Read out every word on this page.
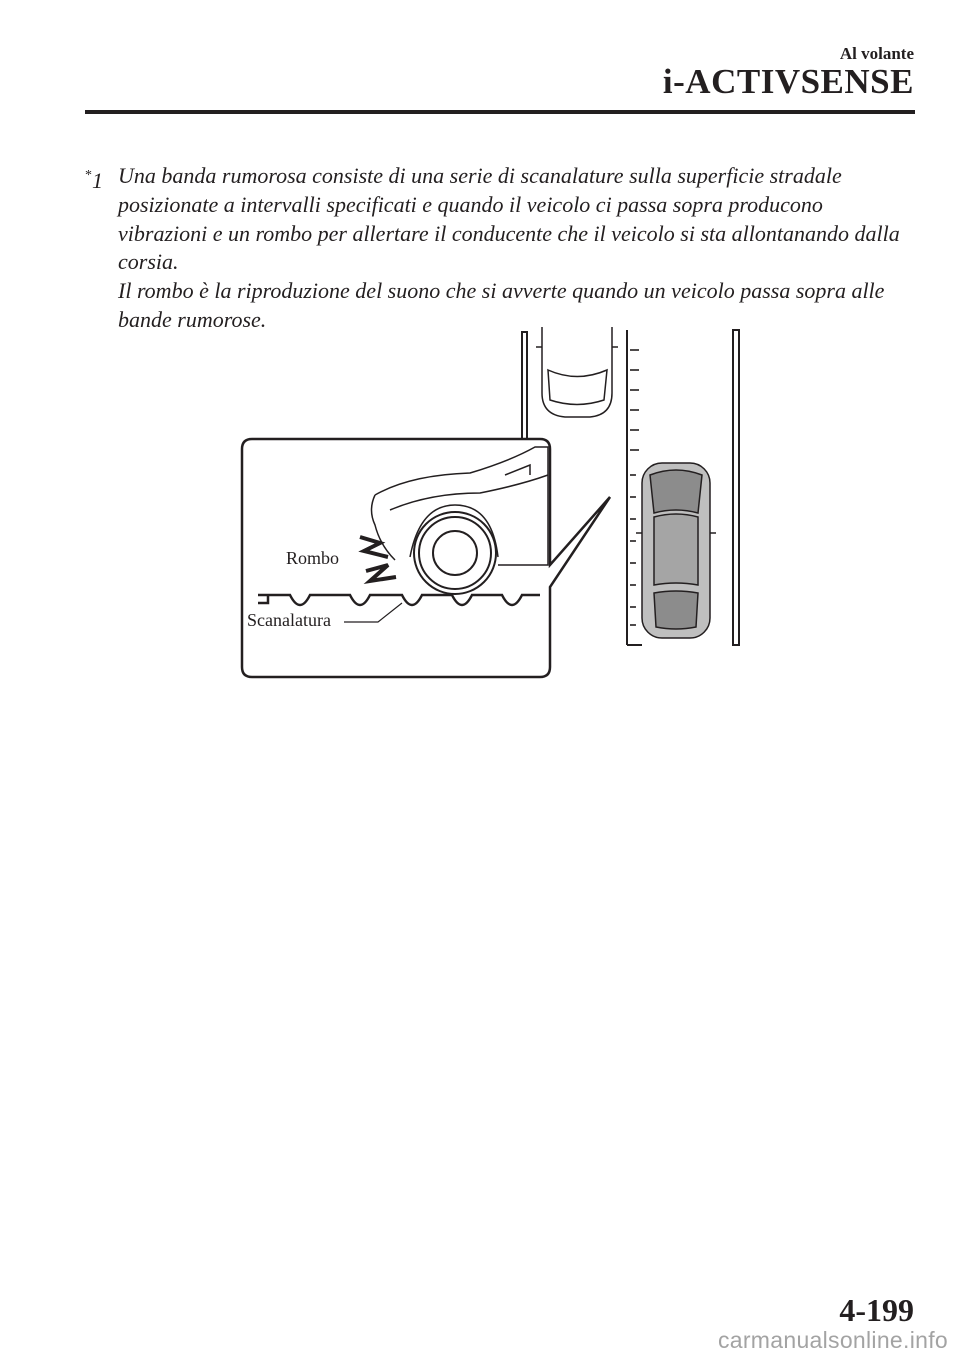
Al volante
i-ACTIVSENSE
*1 Una banda rumorosa consiste di una serie di scanalature sulla superficie stradale posizionate a intervalli specificati e quando il veicolo ci passa sopra producono vibrazioni e un rombo per allertare il conducente che il veicolo si sta allontanando dalla corsia.

Il rombo è la riproduzione del suono che si avverte quando un veicolo passa sopra alle bande rumorose.

Rombo
Scanalatura
4-199
carmanualsonline.info
